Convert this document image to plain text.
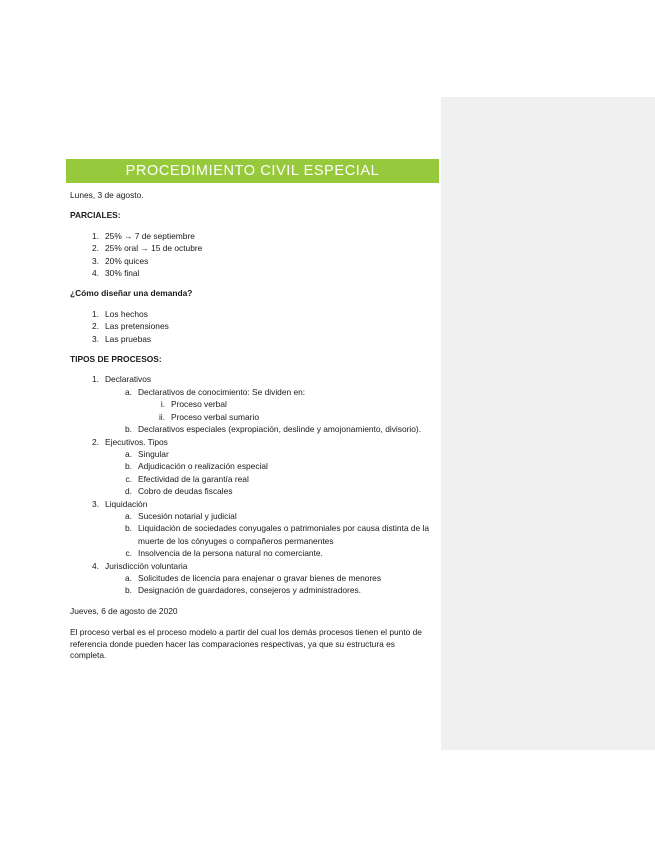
PROCEDIMIENTO CIVIL ESPECIAL

Lunes, 3 de agosto.

PARCIALES:

1. 25% → 7 de septiembre
2. 25% oral → 15 de octubre
3. 20% quices
4. 30% final

¿Cómo diseñar una demanda?

1. Los hechos
2. Las pretensiones
3. Las pruebas

TIPOS DE PROCESOS:

1. Declarativos
a. Declarativos de conocimiento: Se dividen en:
i. Proceso verbal
ii. Proceso verbal sumario
b. Declarativos especiales (expropiación, deslinde y amojonamiento, divisorio).
2. Ejecutivos. Tipos
a. Singular
b. Adjudicación o realización especial
c. Efectividad de la garantía real
d. Cobro de deudas fiscales
3. Liquidación
a. Sucesión notarial y judicial
b. Liquidación de sociedades conyugales o patrimoniales por causa distinta de la muerte de los cónyuges o compañeros permanentes
c. Insolvencia de la persona natural no comerciante.
4. Jurisdicción voluntaria
a. Solicitudes de licencia para enajenar o gravar bienes de menores
b. Designación de guardadores, consejeros y administradores.

Jueves, 6 de agosto de 2020

El proceso verbal es el proceso modelo a partir del cual los demás procesos tienen el punto de referencia donde pueden hacer las comparaciones respectivas, ya que su estructura es completa.
